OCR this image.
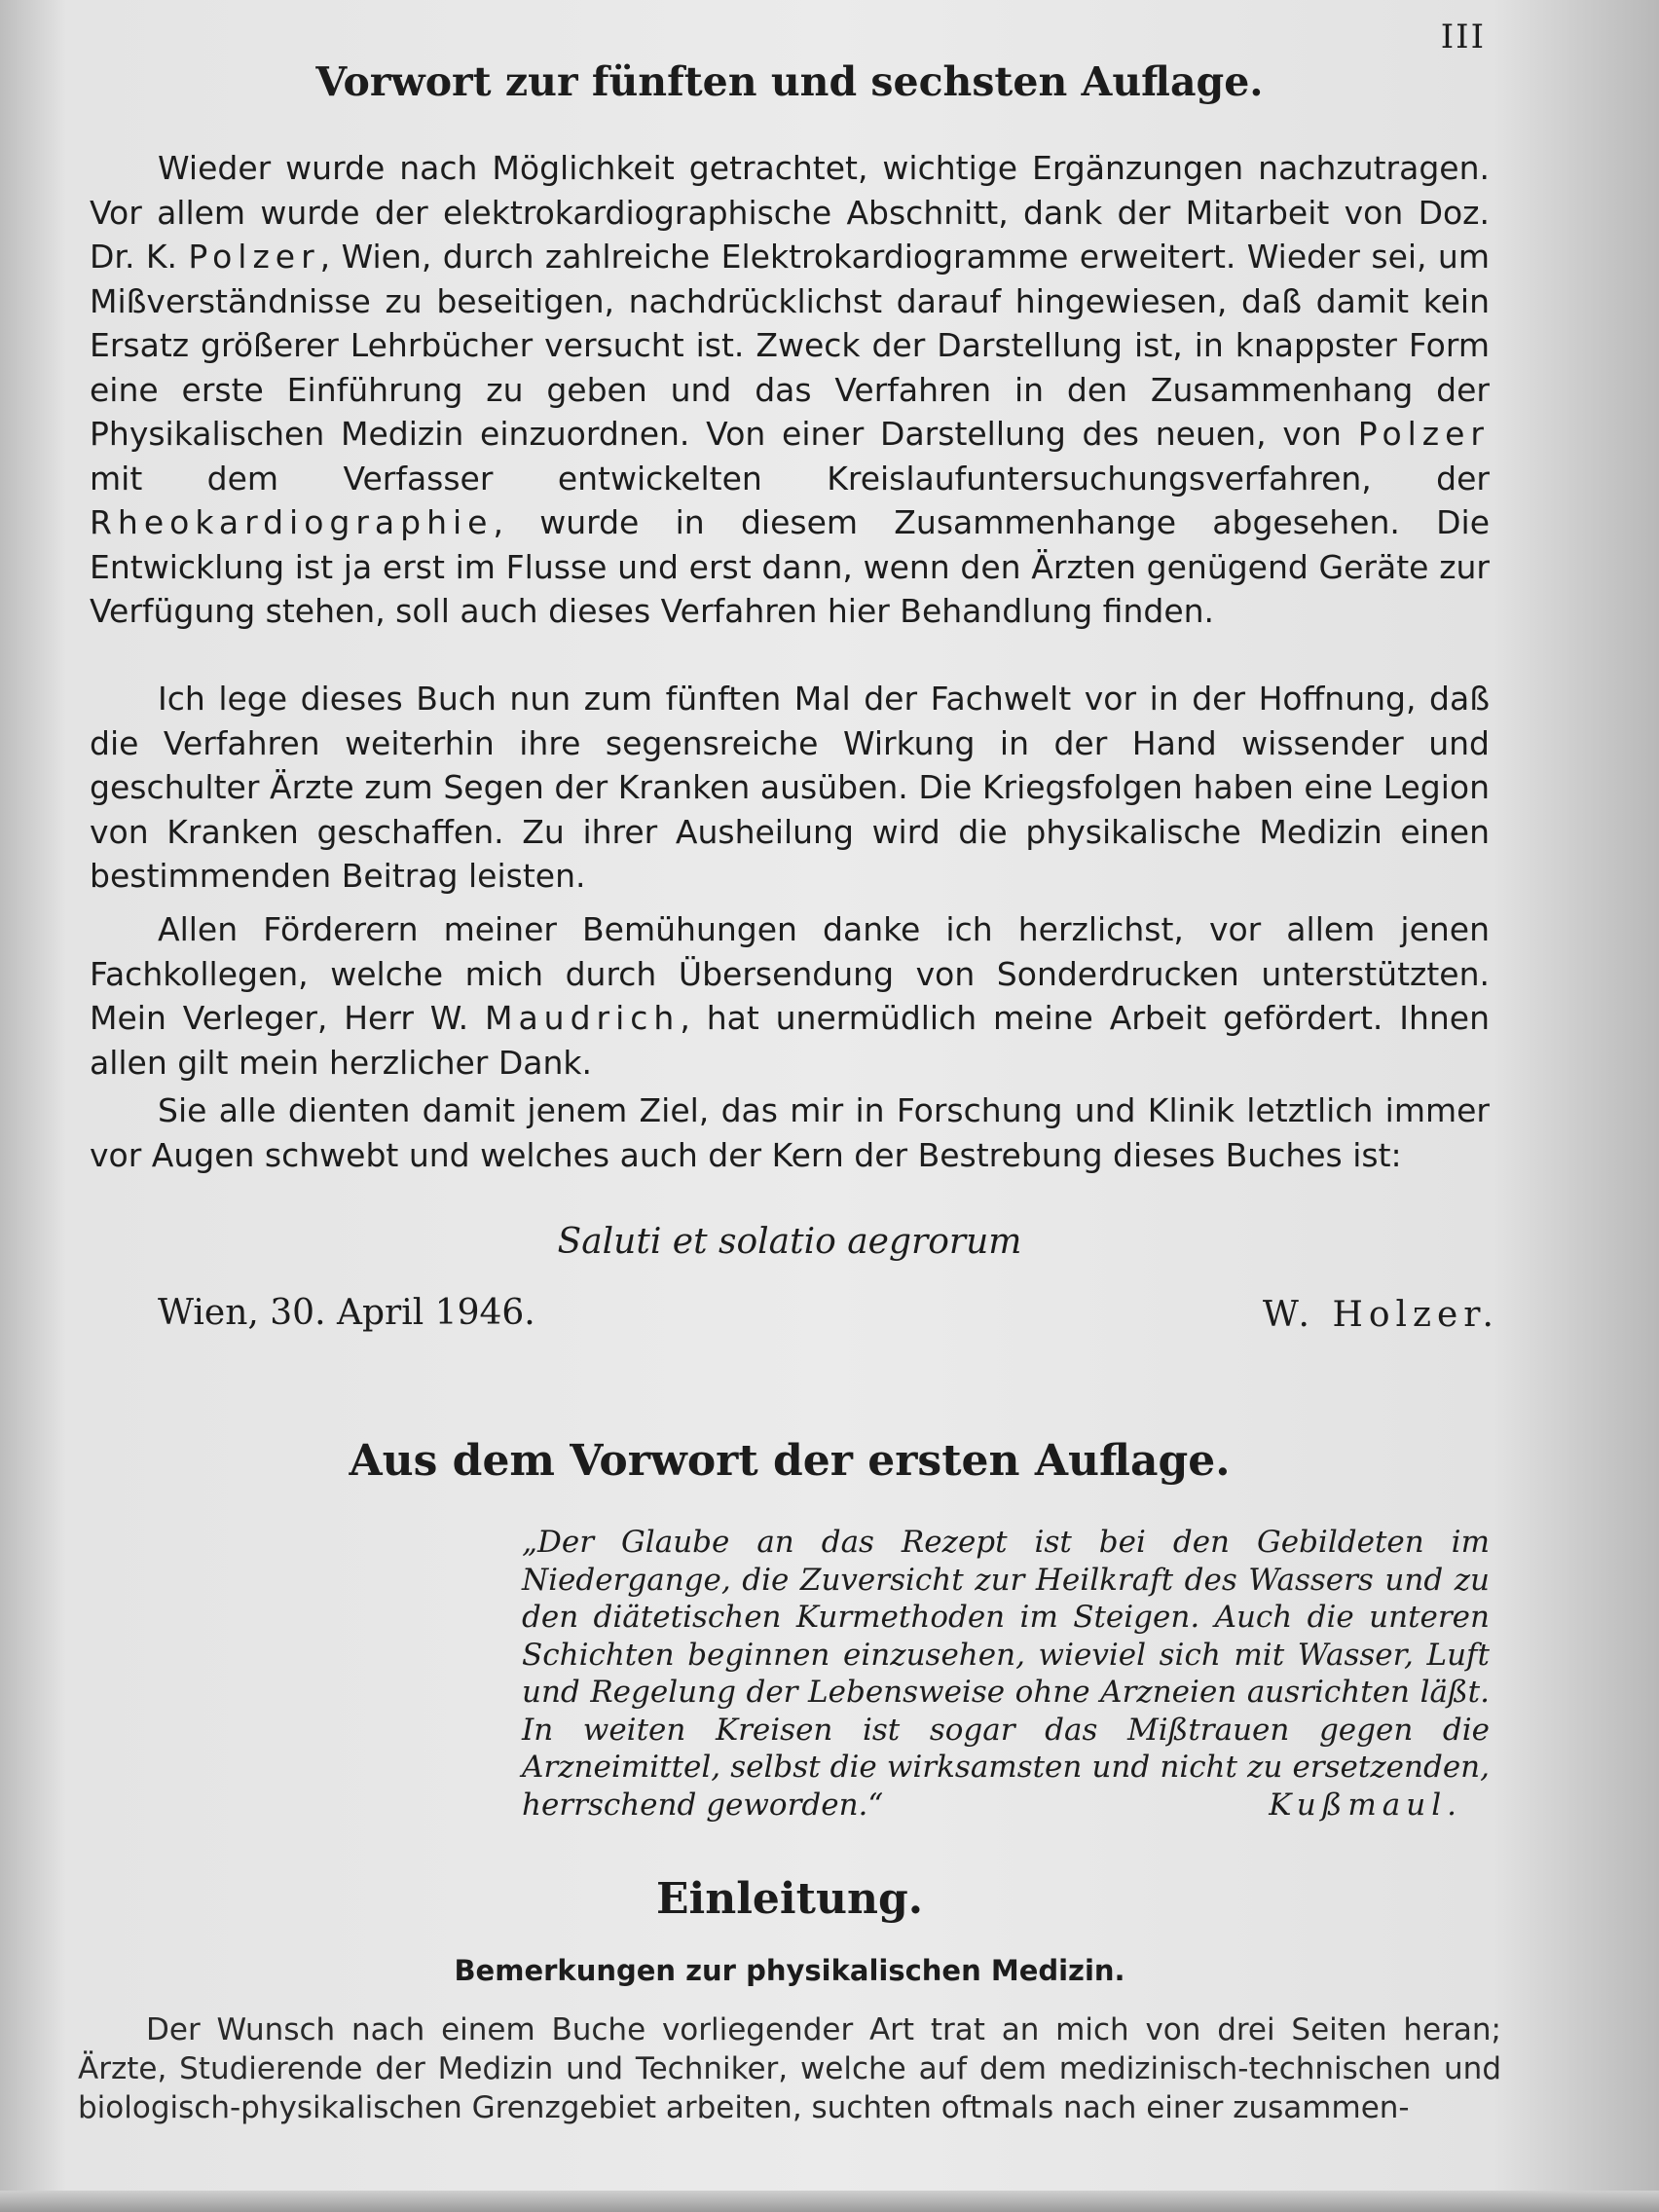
III
Vorwort zur fünften und sechsten Auflage.

Wieder wurde nach Möglichkeit getrachtet, wichtige Ergänzungen nachzutragen. Vor allem wurde der elektrokardiographische Abschnitt, dank der Mitarbeit von Doz. Dr. K. Polzer, Wien, durch zahlreiche Elektrokardiogramme erweitert. Wieder sei, um Mißverständnisse zu beseitigen, nachdrücklichst darauf hingewiesen, daß damit kein Ersatz größerer Lehrbücher versucht ist. Zweck der Darstellung ist, in knappster Form eine erste Einführung zu geben und das Verfahren in den Zusammenhang der Physikalischen Medizin einzuordnen. Von einer Darstellung des neuen, von Polzer mit dem Verfasser entwickelten Kreislaufuntersuchungsverfahren, der Rheokardiographie, wurde in diesem Zusammenhange abgesehen. Die Entwicklung ist ja erst im Flusse und erst dann, wenn den Ärzten genügend Geräte zur Verfügung stehen, soll auch dieses Verfahren hier Behandlung finden.

Ich lege dieses Buch nun zum fünften Mal der Fachwelt vor in der Hoffnung, daß die Verfahren weiterhin ihre segensreiche Wirkung in der Hand wissender und geschulter Ärzte zum Segen der Kranken ausüben. Die Kriegsfolgen haben eine Legion von Kranken geschaffen. Zu ihrer Ausheilung wird die physikalische Medizin einen bestimmenden Beitrag leisten.

Allen Förderern meiner Bemühungen danke ich herzlichst, vor allem jenen Fachkollegen, welche mich durch Übersendung von Sonderdrucken unterstützten. Mein Verleger, Herr W. Maudrich, hat unermüdlich meine Arbeit gefördert. Ihnen allen gilt mein herzlicher Dank.

Sie alle dienten damit jenem Ziel, das mir in Forschung und Klinik letztlich immer vor Augen schwebt und welches auch der Kern der Bestrebung dieses Buches ist:

Saluti et solatio aegrorum
Wien, 30. April 1946.	W. Holzer.
Aus dem Vorwort der ersten Auflage.
„Der Glaube an das Rezept ist bei den Gebildeten im Niedergange, die Zuversicht zur Heilkraft des Wassers und zu den diätetischen Kurmethoden im Steigen. Auch die unteren Schichten beginnen einzusehen, wieviel sich mit Wasser, Luft und Regelung der Lebensweise ohne Arzneien ausrichten läßt. In weiten Kreisen ist sogar das Mißtrauen gegen die Arzneimittel, selbst die wirksamsten und nicht zu ersetzenden, herrschend geworden.“	Kußmaul.
Einleitung.
Bemerkungen zur physikalischen Medizin.
Der Wunsch nach einem Buche vorliegender Art trat an mich von drei Seiten heran; Ärzte, Studierende der Medizin und Techniker, welche auf dem medizinisch-technischen und biologisch-physikalischen Grenzgebiet arbeiten, suchten oftmals nach einer zusammen-
